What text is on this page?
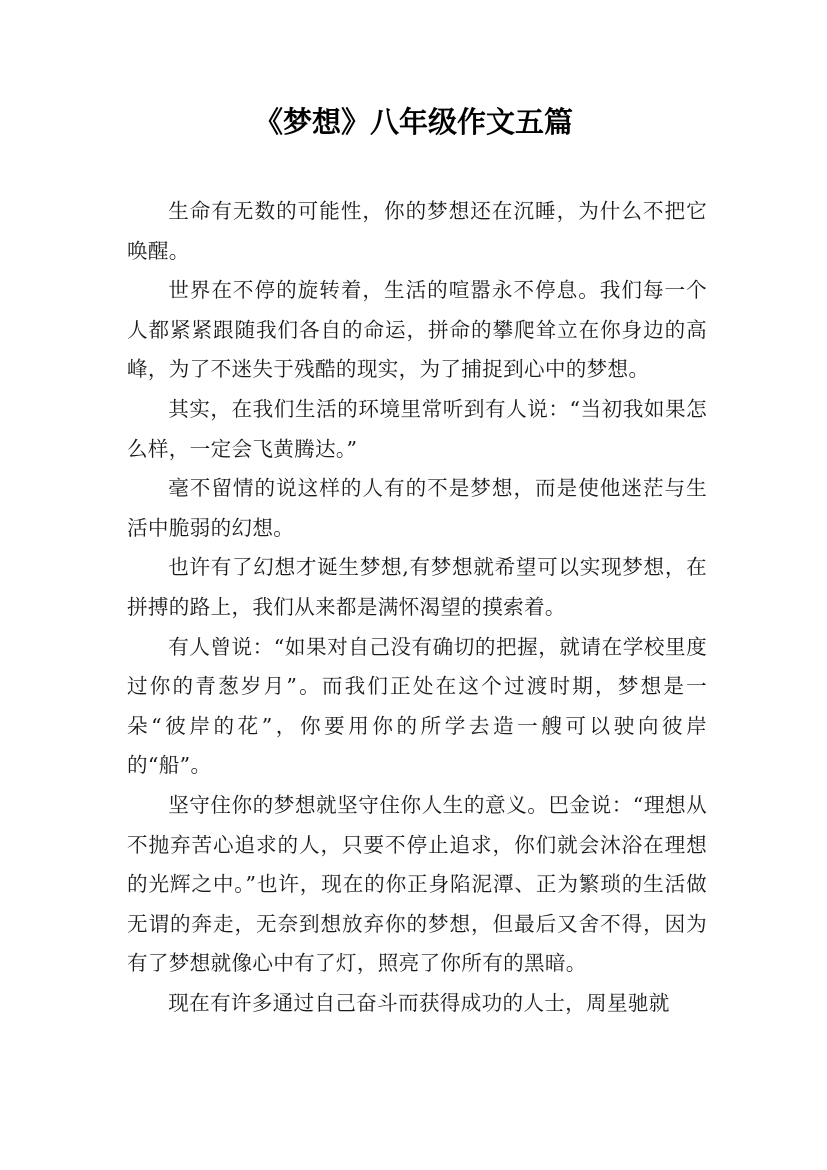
《梦想》八年级作文五篇

生命有无数的可能性，你的梦想还在沉睡，为什么不把它唤醒。

世界在不停的旋转着，生活的喧嚣永不停息。我们每一个人都紧紧跟随我们各自的命运，拼命的攀爬耸立在你身边的高峰，为了不迷失于残酷的现实，为了捕捉到心中的梦想。

其实，在我们生活的环境里常听到有人说：“当初我如果怎么样，一定会飞黄腾达。”

毫不留情的说这样的人有的不是梦想，而是使他迷茫与生活中脆弱的幻想。

也许有了幻想才诞生梦想,有梦想就希望可以实现梦想，在拼搏的路上，我们从来都是满怀渴望的摸索着。

有人曾说：“如果对自己没有确切的把握，就请在学校里度过你的青葱岁月”。而我们正处在这个过渡时期，梦想是一朵“彼岸的花”，你要用你的所学去造一艘可以驶向彼岸的“船”。

坚守住你的梦想就坚守住你人生的意义。巴金说：“理想从不抛弃苦心追求的人，只要不停止追求，你们就会沐浴在理想的光辉之中。”也许，现在的你正身陷泥潭、正为繁琐的生活做无谓的奔走，无奈到想放弃你的梦想，但最后又舍不得，因为有了梦想就像心中有了灯，照亮了你所有的黑暗。

现在有许多通过自己奋斗而获得成功的人士，周星驰就
